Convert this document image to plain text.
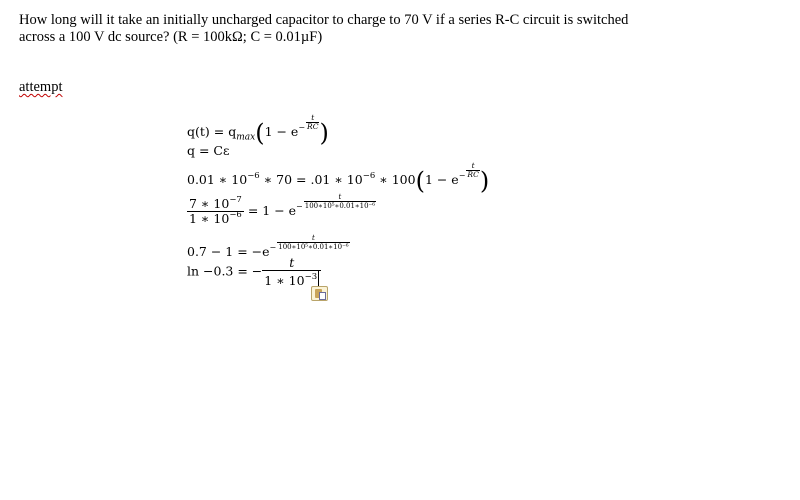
How long will it take an initially uncharged capacitor to charge to 70 V if a series R-C circuit is switched
across a 100 V dc source? (R = 100kΩ; C = 0.01µF)
attempt
$q(t) = q_{max}(1 - e^- \frac{t}{RC}$ )
q = Cε
0.01 ∗ $10^{-6}$ ∗ 70 = .01 ∗ $10^{-6}$ ∗ $100(1 - e^- \frac{t}{RC}$ )
$\frac{7 ∗ 10^{-7}}{1 ∗ 10^{-6}} = 1 - e^- \frac{t}{\text{100∗10⁵∗0.01∗10⁻⁶}}$
$0.7 - 1 = -e^- \frac{t}{\text{100∗10⁵∗0.01∗10⁻⁶}}$
ln −0.3 = − $\frac{t}{1 ∗ 10^{-3}}$
